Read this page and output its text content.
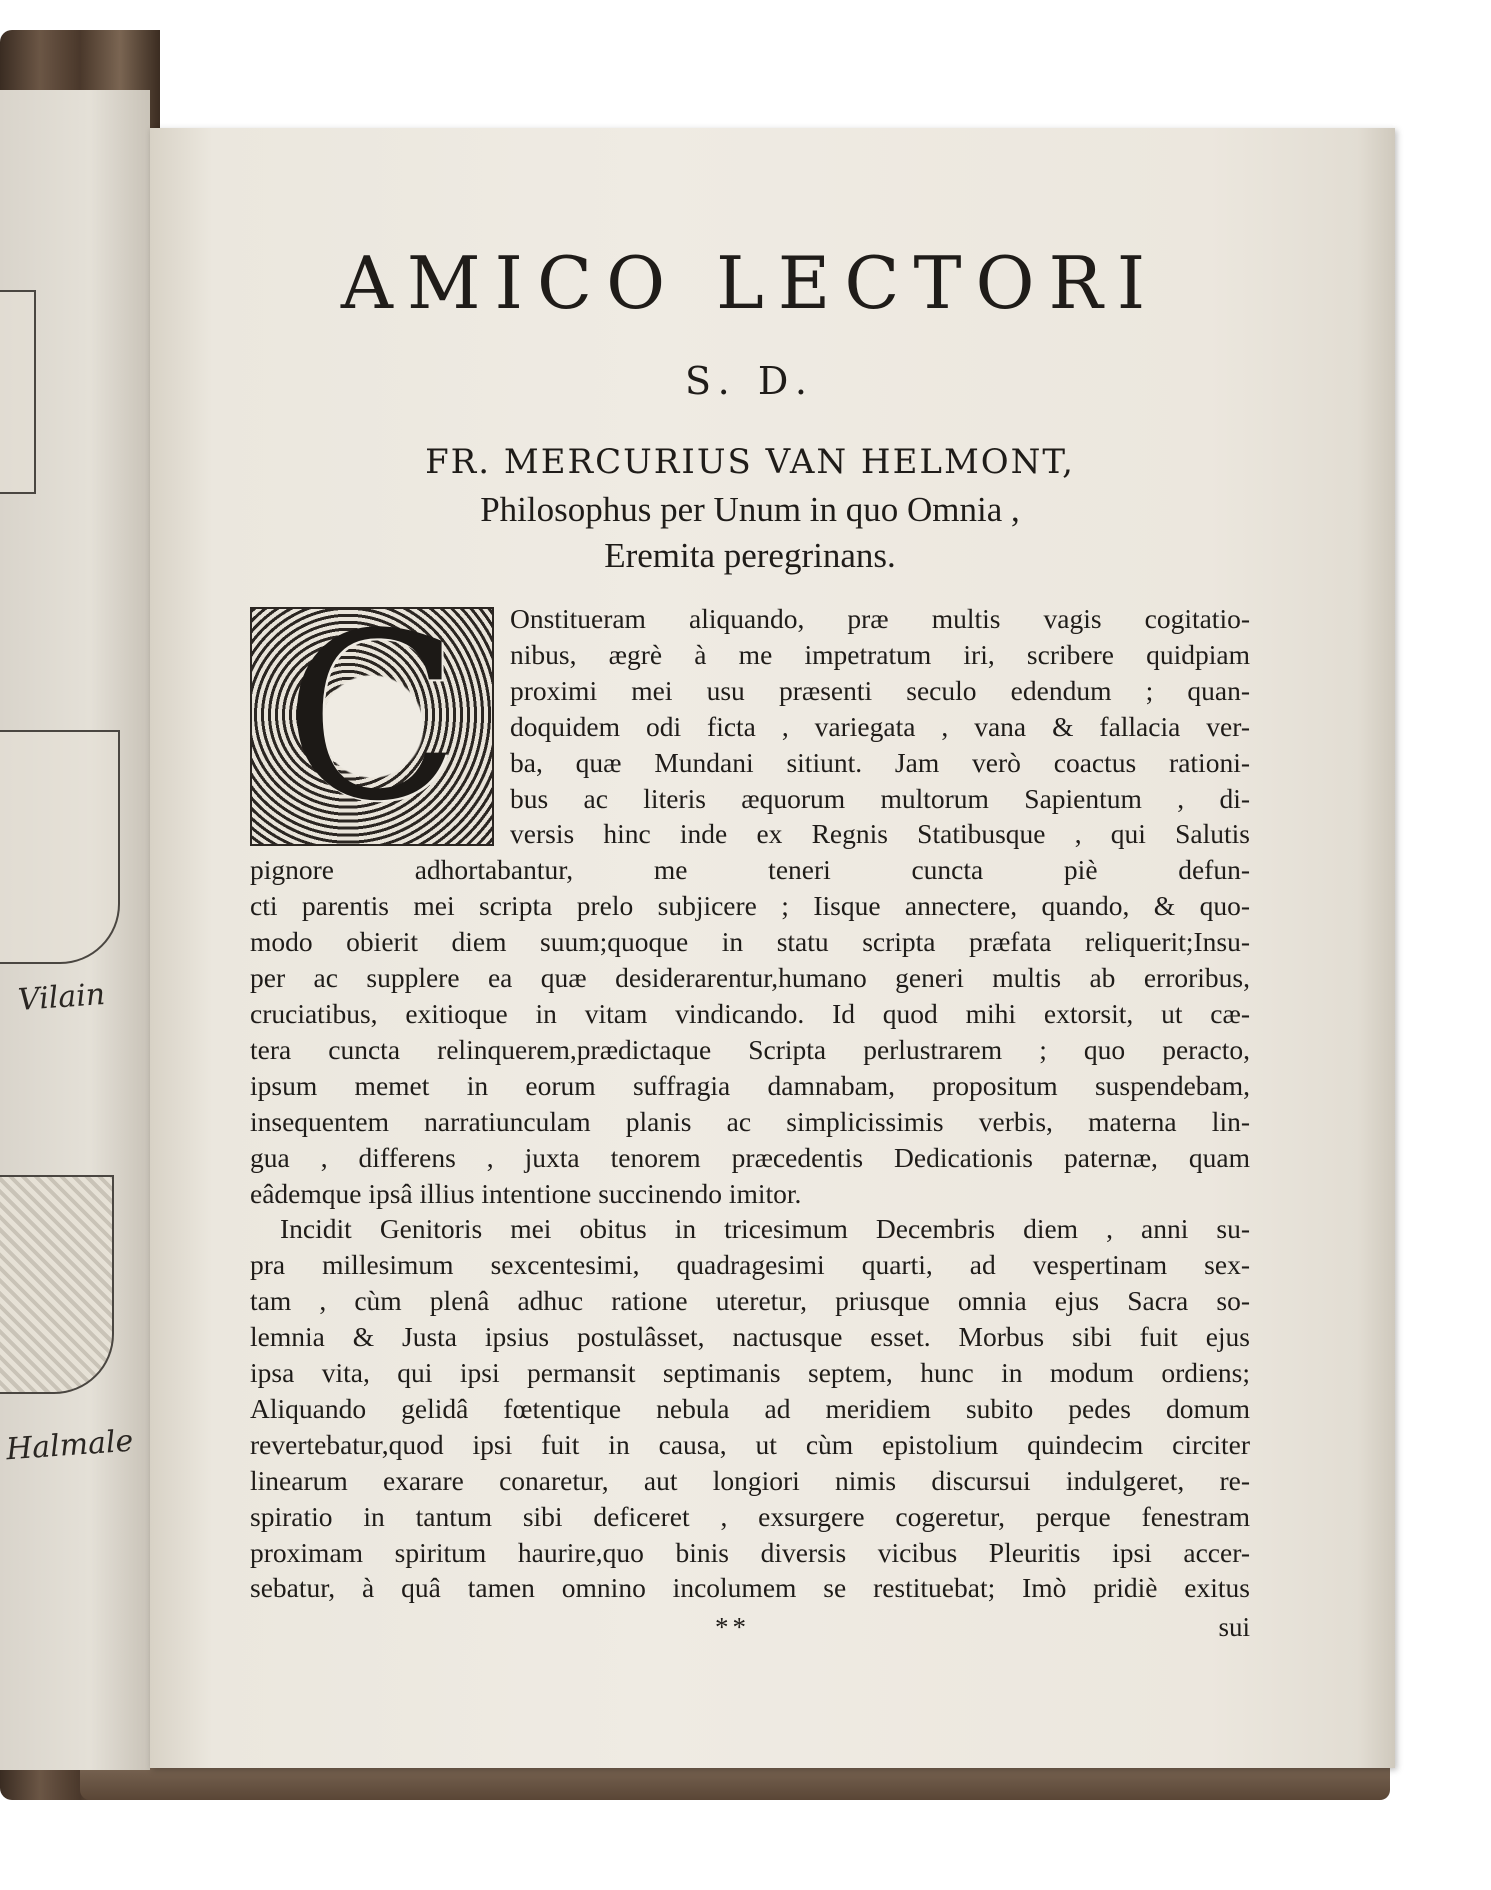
Vilain
Halmale
AMICO LECTORI
S. D.
FR. MERCURIUS VAN HELMONT,
Philosophus per Unum in quo Omnia ,
Eremita peregrinans.
C	Onstitueram aliquando, præ multis vagis cogitatio-
nibus, ægrè à me impetratum iri, scribere quidpiam
proximi mei usu præsenti seculo edendum ; quan-
doquidem odi ficta , variegata , vana & fallacia ver-
ba, quæ Mundani sitiunt. Jam verò coactus rationi-
bus ac literis æquorum multorum Sapientum , di-
versis hinc inde ex Regnis Statibusque , qui Salutis
pignore adhortabantur, me teneri cuncta piè defun-
cti parentis mei scripta prelo subjicere ; Iisque annectere, quando, & quo-
modo obierit diem suum;quoque in statu scripta præfata reliquerit;Insu-
per ac supplere ea quæ desiderarentur,humano generi multis ab erroribus,
cruciatibus, exitioque in vitam vindicando. Id quod mihi extorsit, ut cæ-
tera cuncta relinquerem,prædictaque Scripta perlustrarem ; quo peracto,
ipsum memet in eorum suffragia damnabam, propositum suspendebam,
insequentem narratiunculam planis ac simplicissimis verbis, materna lin-
gua , differens , juxta tenorem præcedentis Dedicationis paternæ, quam
eâdemque ipsâ illius intentione succinendo imitor.
Incidit Genitoris mei obitus in tricesimum Decembris diem , anni su-
pra millesimum sexcentesimi, quadragesimi quarti, ad vespertinam sex-
tam , cùm plenâ adhuc ratione uteretur, priusque omnia ejus Sacra so-
lemnia & Justa ipsius postulâsset, nactusque esset. Morbus sibi fuit ejus
ipsa vita, qui ipsi permansit septimanis septem, hunc in modum ordiens;
Aliquando gelidâ fœtentique nebula ad meridiem subito pedes domum
revertebatur,quod ipsi fuit in causa, ut cùm epistolium quindecim circiter
linearum exarare conaretur, aut longiori nimis discursui indulgeret, re-
spiratio in tantum sibi deficeret , exsurgere cogeretur, perque fenestram
proximam spiritum haurire,quo binis diversis vicibus Pleuritis ipsi accer-
sebatur, à quâ tamen omnino incolumem se restituebat; Imò pridiè exitus
**	sui
